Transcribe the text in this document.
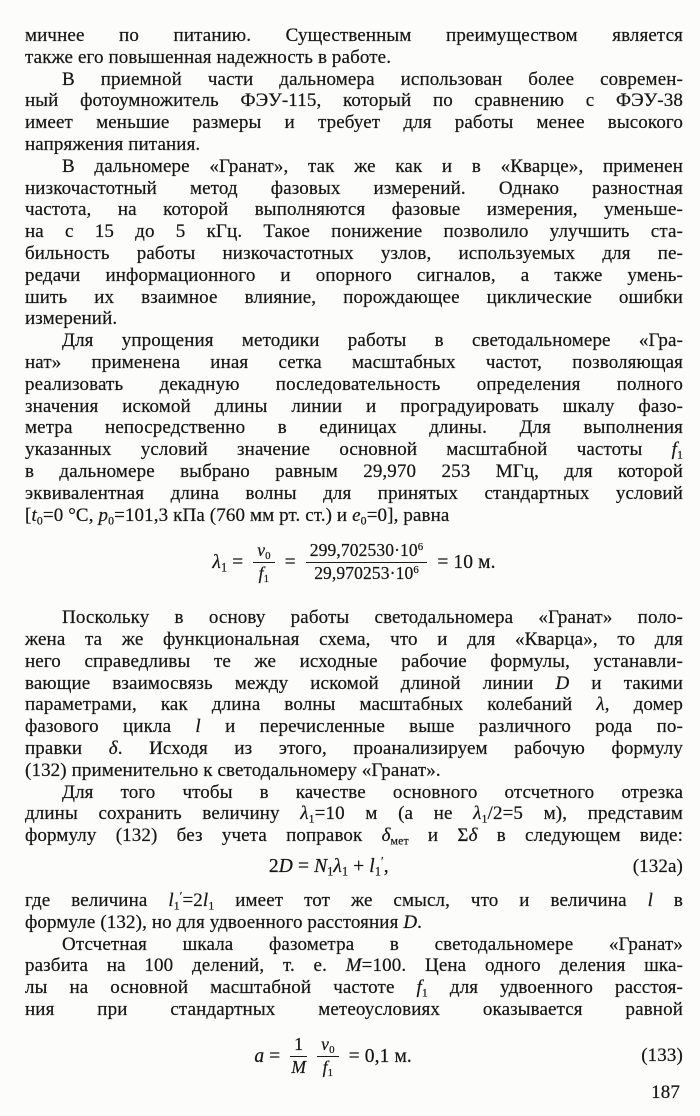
мичнее по питанию. Существенным преимуществом является
также его повышенная надежность в работе.
В приемной части дальномера использован более современ-
ный фотоумножитель ФЭУ-115, который по сравнению с ФЭУ-38
имеет меньшие размеры и требует для работы менее высокого
напряжения питания.
В дальномере «Гранат», так же как и в «Кварце», применен
низкочастотный метод фазовых измерений. Однако разностная
частота, на которой выполняются фазовые измерения, уменьше-
на с 15 до 5 кГц. Такое понижение позволило улучшить ста-
бильность работы низкочастотных узлов, используемых для пе-
редачи информационного и опорного сигналов, а также умень-
шить их взаимное влияние, порождающее циклические ошибки
измерений.
Для упрощения методики работы в светодальномере «Гра-
нат» применена иная сетка масштабных частот, позволяющая
реализовать декадную последовательность определения полного
значения искомой длины линии и проградуировать шкалу фазо-
метра непосредственно в единицах длины. Для выполнения
указанных условий значение основной масштабной частоты $f_1$
в дальномере выбрано равным 29,970 253 МГц, для которой
эквивалентная длина волны для принятых стандартных условий
[$t_0=0$ °C, $p_0=101,3$ кПа (760 мм рт. ст.) и $e_0=0$], равна
$\lambda_1 = \frac{v_0}{f_1} = \frac{299,702530\cdot 10^6}{29,970253\cdot 10^6} = 10$ м.
Поскольку в основу работы светодальномера «Гранат» поло-
жена та же функциональная схема, что и для «Кварца», то для
него справедливы те же исходные рабочие формулы, устанавли-
вающие взаимосвязь между искомой длиной линии D и такими
параметрами, как длина волны масштабных колебаний λ, домер
фазового цикла l и перечисленные выше различного рода по-
правки δ. Исходя из этого, проанализируем рабочую формулу
(132) применительно к светодальномеру «Гранат».
Для того чтобы в качестве основного отсчетного отрезка
длины сохранить величину $\lambda_1=10$ м (а не $\lambda_1/2=5$ м), представим
формулу (132) без учета поправок $\delta_{мет}$ и Σδ в следующем виде:
$2D = N_1\lambda_1 + l_1'$,	(132a)
где величина $l_1'=2l_1$ имеет тот же смысл, что и величина l в
формуле (132), но для удвоенного расстояния D.
Отсчетная шкала фазометра в светодальномере «Гранат»
разбита на 100 делений, т. е. M=100. Цена одного деления шка-
лы на основной масштабной частоте $f_1$ для удвоенного расстоя-
ния при стандартных метеоусловиях оказывается равной
$a = \frac{1}{M} \frac{v_0}{f_1} = 0,1$ м.	(133)
187
